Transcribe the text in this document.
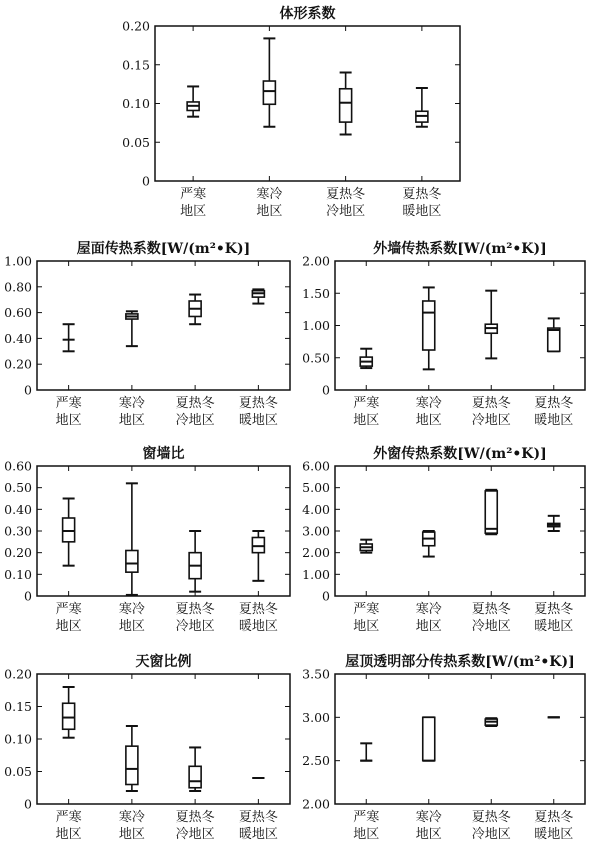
体形系数
0
0.05
0.10
0.15
0.20
严寒
地区
寒冷
地区
夏热冬
冷地区
夏热冬
暖地区
屋面传热系数[W/(m²•K)]
0
0.20
0.40
0.60
0.80
1.00
严寒
地区
寒冷
地区
夏热冬
冷地区
夏热冬
暖地区
外墙传热系数[W/(m²•K)]
0
0.50
1.00
1.50
2.00
严寒
地区
寒冷
地区
夏热冬
冷地区
夏热冬
暖地区
窗墙比
0
0.10
0.20
0.30
0.40
0.50
0.60
严寒
地区
寒冷
地区
夏热冬
冷地区
夏热冬
暖地区
外窗传热系数[W/(m²•K)]
0
1.00
2.00
3.00
4.00
5.00
6.00
严寒
地区
寒冷
地区
夏热冬
冷地区
夏热冬
暖地区
天窗比例
0
0.05
0.10
0.15
0.20
严寒
地区
寒冷
地区
夏热冬
冷地区
夏热冬
暖地区
屋顶透明部分传热系数[W/(m²•K)]
2.00
2.50
3.00
3.50
严寒
地区
寒冷
地区
夏热冬
冷地区
夏热冬
暖地区
